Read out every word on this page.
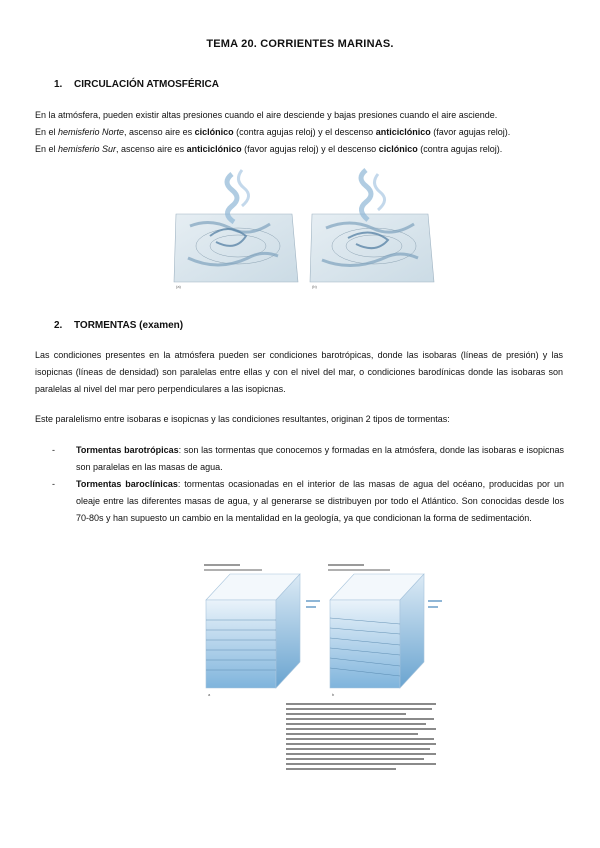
TEMA 20. CORRIENTES MARINAS.
1. CIRCULACIÓN ATMOSFÉRICA
En la atmósfera, pueden existir altas presiones cuando el aire desciende y bajas presiones cuando el aire asciende.
En el hemisferio Norte, ascenso aire es ciclónico (contra agujas reloj) y el descenso anticiclónico (favor agujas reloj).
En el hemisferio Sur, ascenso aire es anticiclónico (favor agujas reloj) y el descenso ciclónico (contra agujas reloj).
(a)	(b)
2. TORMENTAS (examen)
Las condiciones presentes en la atmósfera pueden ser condiciones barotrópicas, donde las isobaras (líneas de presión) y las isopicnas (líneas de densidad) son paralelas entre ellas y con el nivel del mar, o condiciones barodínicas donde las isobaras son paralelas al nivel del mar pero perpendiculares a las isopicnas.
Este paralelismo entre isobaras e isopicnas y las condiciones resultantes, originan 2 tipos de tormentas:
- Tormentas barotrópicas: son las tormentas que conocemos y formadas en la atmósfera, donde las isobaras e isopicnas son paralelas en las masas de agua.
- Tormentas baroclínicas: tormentas ocasionadas en el interior de las masas de agua del océano, producidas por un oleaje entre las diferentes masas de agua, y al generarse se distribuyen por todo el Atlántico. Son conocidas desde los 70-80s y han supuesto un cambio en la mentalidad en la geología, ya que condicionan la forma de sedimentación.
a	b
